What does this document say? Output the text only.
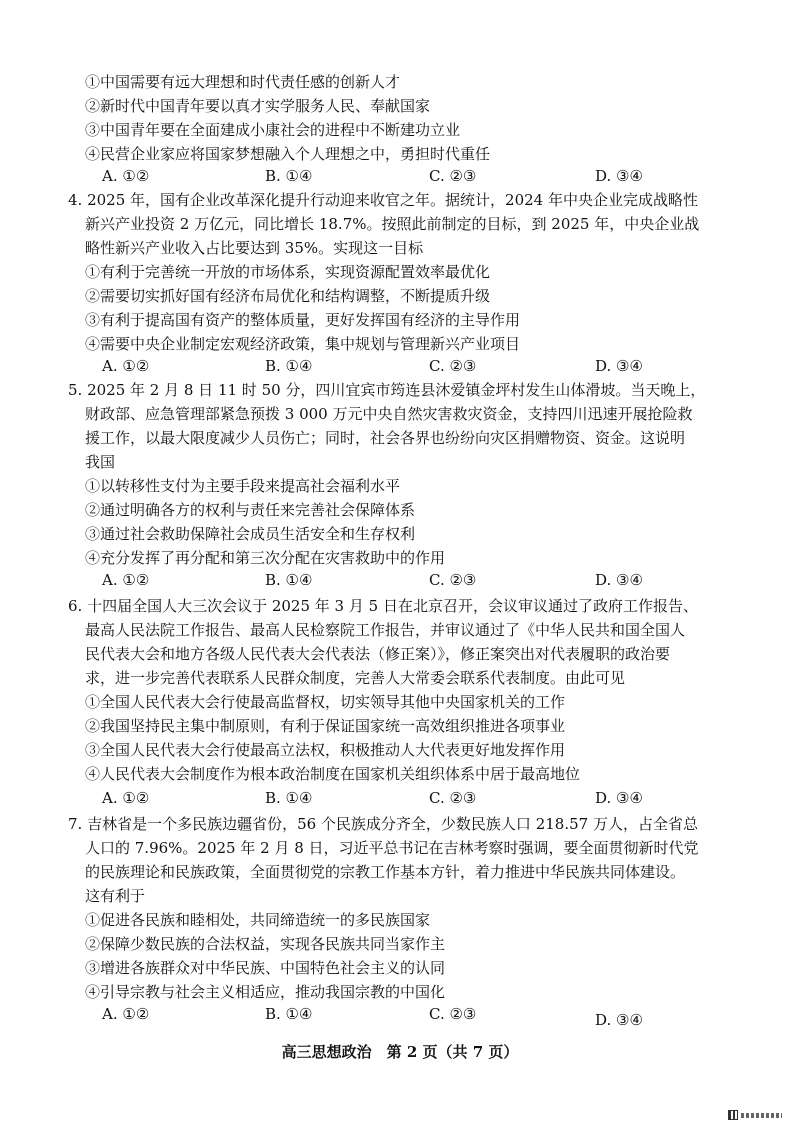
①中国需要有远大理想和时代责任感的创新人才
②新时代中国青年要以真才实学服务人民、奉献国家
③中国青年要在全面建成小康社会的进程中不断建功立业
④民营企业家应将国家梦想融入个人理想之中，勇担时代重任
A. ①②	B. ①④	C. ②③	D. ③④
4. 2025 年，国有企业改革深化提升行动迎来收官之年。据统计，2024 年中央企业完成战略性
新兴产业投资 2 万亿元，同比增长 18.7%。按照此前制定的目标，到 2025 年，中央企业战
略性新兴产业收入占比要达到 35%。实现这一目标
①有利于完善统一开放的市场体系，实现资源配置效率最优化
②需要切实抓好国有经济布局优化和结构调整，不断提质升级
③有利于提高国有资产的整体质量，更好发挥国有经济的主导作用
④需要中央企业制定宏观经济政策，集中规划与管理新兴产业项目
A. ①②	B. ①④	C. ②③	D. ③④
5. 2025 年 2 月 8 日 11 时 50 分，四川宜宾市筠连县沐爱镇金坪村发生山体滑坡。当天晚上，
财政部、应急管理部紧急预拨 3 000 万元中央自然灾害救灾资金，支持四川迅速开展抢险救
援工作，以最大限度减少人员伤亡；同时，社会各界也纷纷向灾区捐赠物资、资金。这说明
我国
①以转移性支付为主要手段来提高社会福利水平
②通过明确各方的权利与责任来完善社会保障体系
③通过社会救助保障社会成员生活安全和生存权利
④充分发挥了再分配和第三次分配在灾害救助中的作用
A. ①②	B. ①④	C. ②③	D. ③④
6. 十四届全国人大三次会议于 2025 年 3 月 5 日在北京召开，会议审议通过了政府工作报告、
最高人民法院工作报告、最高人民检察院工作报告，并审议通过了《中华人民共和国全国人
民代表大会和地方各级人民代表大会代表法（修正案）》，修正案突出对代表履职的政治要
求，进一步完善代表联系人民群众制度，完善人大常委会联系代表制度。由此可见
①全国人民代表大会行使最高监督权，切实领导其他中央国家机关的工作
②我国坚持民主集中制原则，有利于保证国家统一高效组织推进各项事业
③全国人民代表大会行使最高立法权，积极推动人大代表更好地发挥作用
④人民代表大会制度作为根本政治制度在国家机关组织体系中居于最高地位
A. ①②	B. ①④	C. ②③	D. ③④
7. 吉林省是一个多民族边疆省份，56 个民族成分齐全，少数民族人口 218.57 万人，占全省总
人口的 7.96%。2025 年 2 月 8 日，习近平总书记在吉林考察时强调，要全面贯彻新时代党
的民族理论和民族政策，全面贯彻党的宗教工作基本方针，着力推进中华民族共同体建设。
这有利于
①促进各民族和睦相处，共同缔造统一的多民族国家
②保障少数民族的合法权益，实现各民族共同当家作主
③增进各族群众对中华民族、中国特色社会主义的认同
④引导宗教与社会主义相适应，推动我国宗教的中国化
A. ①②	B. ①④	C. ②③	D. ③④
高三思想政治　第 2 页（共 7 页）
